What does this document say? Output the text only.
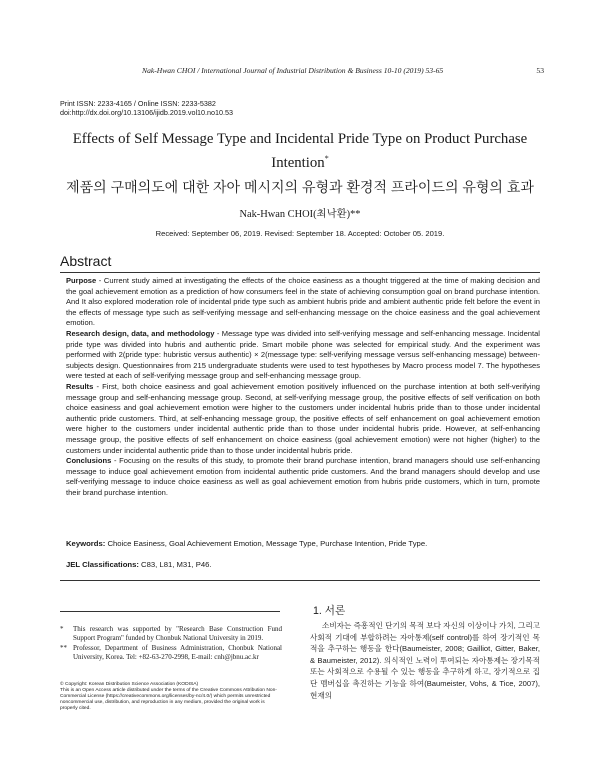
Nak-Hwan CHOI / International Journal of Industrial Distribution & Business 10-10 (2019) 53-65	53
Print ISSN: 2233-4165 / Online ISSN: 2233-5382
doi:http://dx.doi.org/10.13106/ijidb.2019.vol10.no10.53
Effects of Self Message Type and Incidental Pride Type on Product Purchase Intention*
제품의 구매의도에 대한 자아 메시지의 유형과 환경적 프라이드의 유형의 효과
Nak-Hwan CHOI(최낙환)**
Received: September 06, 2019. Revised: September 18. Accepted: October 05. 2019.
Abstract

Purpose - Current study aimed at investigating the effects of the choice easiness as a thought triggered at the time of making decision and the goal achievement emotion as a prediction of how consumers feel in the state of achieving consumption goal on brand purchase intention. And It also explored moderation role of incidental pride type such as ambient hubris pride and ambient authentic pride felt before the event in the effects of message type such as self-verifying message and self-enhancing message on the choice easiness and the goal achievement emotion.

Research design, data, and methodology - Message type was divided into self-verifying message and self-enhancing message. Incidental pride type was divided into hubris and authentic pride. Smart mobile phone was selected for empirical study. And the experiment was performed with 2(pride type: hubristic versus authentic) × 2(message type: self-verifying message versus self-enhancing message) between-subjects design. Questionnaires from 215 undergraduate students were used to test hypotheses by Macro process model 7. The hypotheses were tested at each of self-verifying message group and self-enhancing message group.

Results - First, both choice easiness and goal achievement emotion positively influenced on the purchase intention at both self-verifying message group and self-enhancing message group. Second, at self-verifying message group, the positive effects of self verification on both choice easiness and goal achievement emotion were higher to the customers under incidental hubris pride than to those under incidental authentic pride customers. Third, at self-enhancing message group, the positive effects of self enhancement on goal achievement emotion were higher to the customers under incidental authentic pride than to those under incidental hubris pride. However, at self-enhancing message group, the positive effects of self enhancement on choice easiness (goal achievement emotion) were not higher (higher) to the customers under incidental authentic pride than to those under incidental hubris pride.

Conclusions - Focusing on the results of this study, to promote their brand purchase intention, brand managers should use self-enhancing message to induce goal achievement emotion from incidental authentic pride customers. And the brand managers should develop and use self-verifying message to induce choice easiness as well as goal achievement emotion from hubris pride customers, which in turn, promote their brand purchase intention.

Keywords: Choice Easiness, Goal Achievement Emotion, Message Type, Purchase Intention, Pride Type.
JEL Classifications: C83, L81, M31, P46.
*	This research was supported by "Research Base Construction Fund Support Program" funded by Chonbuk National University in 2019.
** Professor, Department of Business Administration, Chonbuk National University, Korea. Tel: +82-63-270-2998, E-mail: cnh@jbnu.ac.kr
© Copyright: Korean Distribution Science Association (KODISA)
This is an Open Access article distributed under the terms of the Creative Commons Attribution Non-Commercial License (https://creativecommons.org/licenses/by-nc/4.0/) which permits unrestricted noncommercial use, distribution, and reproduction in any medium, provided the original work is properly cited.
1. 서론
소비자는 즉흥적인 단기의 목적 보다 자신의 이상이나 가치, 그리고 사회적 기대에 부합하려는 자아통제(self control)를 하여 장기적인 목적을 추구하는 행동을 한다(Baumeister, 2008; Gailliot, Gitter, Baker, & Baumeister, 2012). 의식적인 노력이 투여되는 자아통제는 장기목적 또는 사회적으로 수용될 수 있는 행동을 추구하게 하고, 장기적으로 집단 멤버십을 촉진하는 기능을 하여(Baumeister, Vohs, & Tice, 2007), 현재의
